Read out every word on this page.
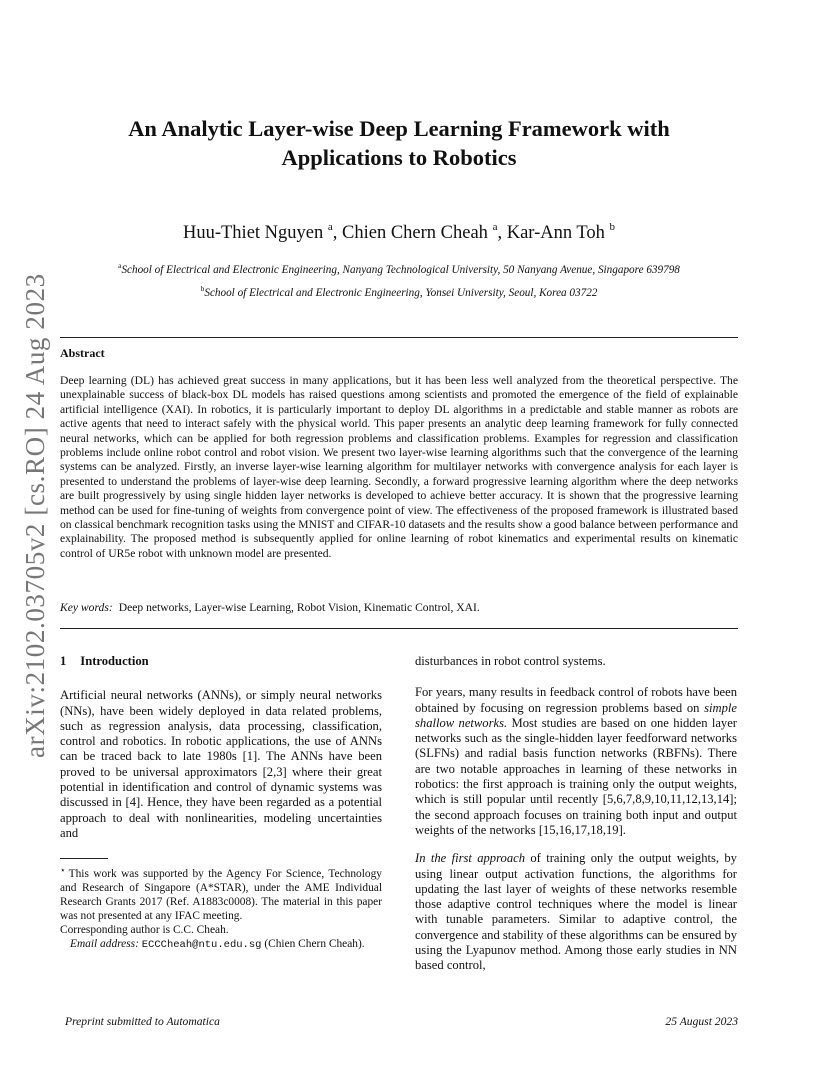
arXiv:2102.03705v2 [cs.RO] 24 Aug 2023
An Analytic Layer-wise Deep Learning Framework with
Applications to Robotics
Huu-Thiet Nguyen $^a$, Chien Chern Cheah $^a$, Kar-Ann Toh $^b$
$^a$School of Electrical and Electronic Engineering, Nanyang Technological University, 50 Nanyang Avenue, Singapore 639798
$^b$School of Electrical and Electronic Engineering, Yonsei University, Seoul, Korea 03722
Abstract
Deep learning (DL) has achieved great success in many applications, but it has been less well analyzed from the theoretical perspective. The unexplainable success of black-box DL models has raised questions among scientists and promoted the emergence of the field of explainable artificial intelligence (XAI). In robotics, it is particularly important to deploy DL algorithms in a predictable and stable manner as robots are active agents that need to interact safely with the physical world. This paper presents an analytic deep learning framework for fully connected neural networks, which can be applied for both regression problems and classification problems. Examples for regression and classification problems include online robot control and robot vision. We present two layer-wise learning algorithms such that the convergence of the learning systems can be analyzed. Firstly, an inverse layer-wise learning algorithm for multilayer networks with convergence analysis for each layer is presented to understand the problems of layer-wise deep learning. Secondly, a forward progressive learning algorithm where the deep networks are built progressively by using single hidden layer networks is developed to achieve better accuracy. It is shown that the progressive learning method can be used for fine-tuning of weights from convergence point of view. The effectiveness of the proposed framework is illustrated based on classical benchmark recognition tasks using the MNIST and CIFAR-10 datasets and the results show a good balance between performance and explainability. The proposed method is subsequently applied for online learning of robot kinematics and experimental results on kinematic control of UR5e robot with unknown model are presented.
Key words: Deep networks, Layer-wise Learning, Robot Vision, Kinematic Control, XAI.
1 Introduction

Artificial neural networks (ANNs), or simply neural networks (NNs), have been widely deployed in data related problems, such as regression analysis, data processing, classification, control and robotics. In robotic applications, the use of ANNs can be traced back to late 1980s [1]. The ANNs have been proved to be universal approximators [2,3] where their great potential in identification and control of dynamic systems was discussed in [4]. Hence, they have been regarded as a potential approach to deal with nonlinearities, modeling uncertainties and

⋆ This work was supported by the Agency For Science, Technology and Research of Singapore (A*STAR), under the AME Individual Research Grants 2017 (Ref. A1883c0008). The material in this paper was not presented at any IFAC meeting.
Corresponding author is C.C. Cheah.
Email address: ECCCheah@ntu.edu.sg (Chien Chern Cheah).

disturbances in robot control systems.

For years, many results in feedback control of robots have been obtained by focusing on regression problems based on simple shallow networks. Most studies are based on one hidden layer networks such as the single-hidden layer feedforward networks (SLFNs) and radial basis function networks (RBFNs). There are two notable approaches in learning of these networks in robotics: the first approach is training only the output weights, which is still popular until recently [5,6,7,8,9,10,11,12,13,14]; the second approach focuses on training both input and output weights of the networks [15,16,17,18,19].

In the first approach of training only the output weights, by using linear output activation functions, the algorithms for updating the last layer of weights of these networks resemble those adaptive control techniques where the model is linear with tunable parameters. Similar to adaptive control, the convergence and stability of these algorithms can be ensured by using the Lyapunov method. Among those early studies in NN based control,

Preprint submitted to Automatica	25 August 2023
